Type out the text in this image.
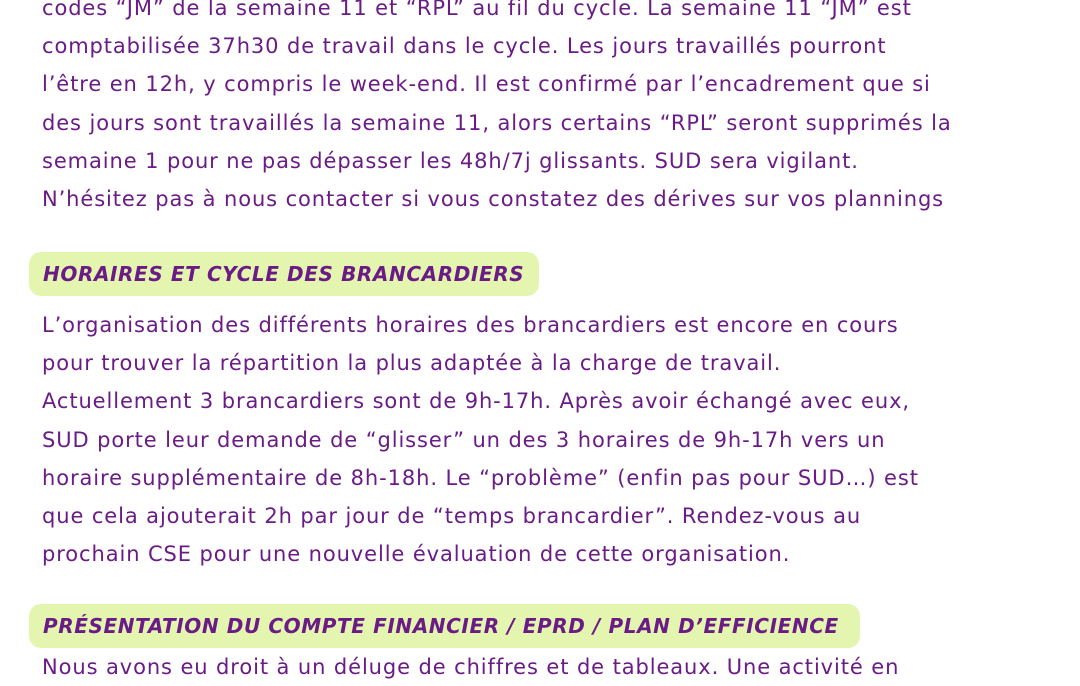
codes “JM” de la semaine 11 et “RPL” au fil du cycle. La semaine 11 “JM” est
comptabilisée 37h30 de travail dans le cycle. Les jours travaillés pourront
l’être en 12h, y compris le week-end. Il est confirmé par l’encadrement que si
des jours sont travaillés la semaine 11, alors certains “RPL” seront supprimés la
semaine 1 pour ne pas dépasser les 48h/7j glissants. SUD sera vigilant.
N’hésitez pas à nous contacter si vous constatez des dérives sur vos plannings
HORAIRES ET CYCLE DES BRANCARDIERS
L’organisation des différents horaires des brancardiers est encore en cours
pour trouver la répartition la plus adaptée à la charge de travail.
Actuellement 3 brancardiers sont de 9h-17h. Après avoir échangé avec eux,
SUD porte leur demande de “glisser” un des 3 horaires de 9h-17h vers un
horaire supplémentaire de 8h-18h. Le “problème” (enfin pas pour SUD…) est
que cela ajouterait 2h par jour de “temps brancardier”. Rendez-vous au
prochain CSE pour une nouvelle évaluation de cette organisation.
PRÉSENTATION DU COMPTE FINANCIER / EPRD / PLAN D’EFFICIENCE
Nous avons eu droit à un déluge de chiffres et de tableaux. Une activité en
